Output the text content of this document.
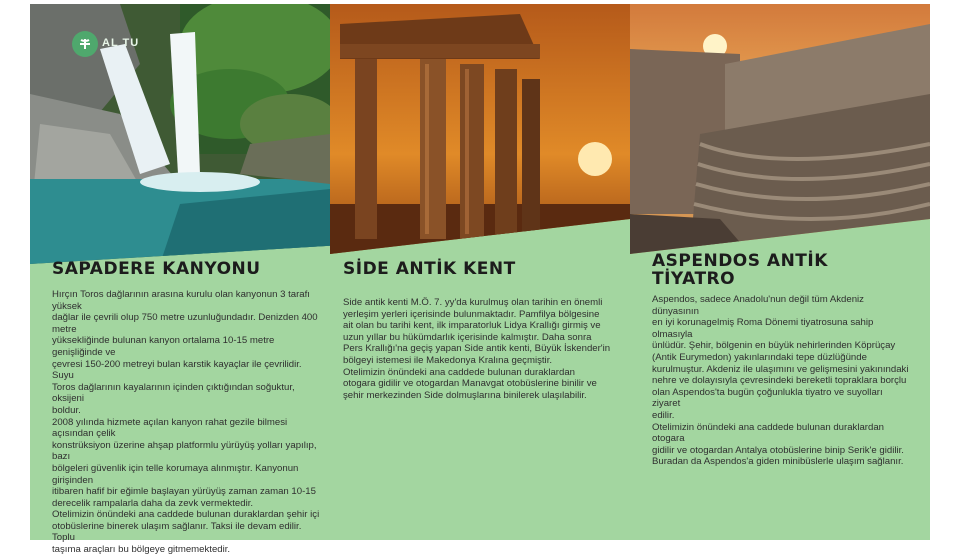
AL TU
SAPADERE KANYONU
Hırçın Toros dağlarının arasına kurulu olan kanyonun 3 tarafı yüksek
dağlar ile çevrili olup 750 metre uzunluğundadır. Denizden 400 metre
yüksekliğinde bulunan kanyon ortalama 10-15 metre genişliğinde ve
çevresi 150-200 metreyi bulan karstik kayaçlar ile çevrilidir. Suyu
Toros dağlarının kayalarının içinden çıktığından soğuktur, oksijeni
boldur.
2008 yılında hizmete açılan kanyon rahat gezile bilmesi açısından çelik
konstrüksiyon üzerine ahşap platformlu yürüyüş yolları yapılıp, bazı
bölgeleri güvenlik için telle korumaya alınmıştır. Kanyonun girişinden
itibaren hafif bir eğimle başlayan yürüyüş zaman zaman 10-15
derecelik rampalarla daha da zevk vermektedir.
Otelimizin önündeki ana caddede bulunan duraklardan şehir içi
otobüslerine binerek ulaşım sağlanır. Taksi ile devam edilir. Toplu
taşıma araçları bu bölgeye gitmemektedir.
SİDE ANTİK KENT
Side antik kenti M.Ö. 7. yy'da kurulmuş olan tarihin en önemli
yerleşim yerleri içerisinde bulunmaktadır. Pamfilya bölgesine
ait olan bu tarihi kent, ilk imparatorluk Lidya Krallığı girmiş ve
uzun yıllar bu hükümdarlık içerisinde kalmıştır. Daha sonra
Pers Krallığı'na geçiş yapan Side antik kenti, Büyük İskender'in
bölgeyi istemesi ile Makedonya Kralına geçmiştir.
Otelimizin önündeki ana caddede bulunan duraklardan
otogara gidilir ve otogardan Manavgat otobüslerine binilir ve
şehir merkezinden Side dolmuşlarına binilerek ulaşılabilir.
ASPENDOS ANTİK TİYATRO
Aspendos, sadece Anadolu'nun değil tüm Akdeniz dünyasının
en iyi korunagelmiş Roma Dönemi tiyatrosuna sahip olmasıyla
ünlüdür. Şehir, bölgenin en büyük nehirlerinden Köprüçay
(Antik Eurymedon) yakınlarındaki tepe düzlüğünde kurulmuştur. Akdeniz ile ulaşımını ve gelişmesini yakınındaki
nehre ve dolayısıyla çevresindeki bereketli topraklara borçlu
olan Aspendos'ta bugün çoğunlukla tiyatro ve suyolları ziyaret
edilir.
Otelimizin önündeki ana caddede bulunan duraklardan otogara
gidilir ve otogardan Antalya otobüslerine binip Serik'e gidilir.
Buradan da Aspendos'a giden minibüslerle ulaşım sağlanır.
